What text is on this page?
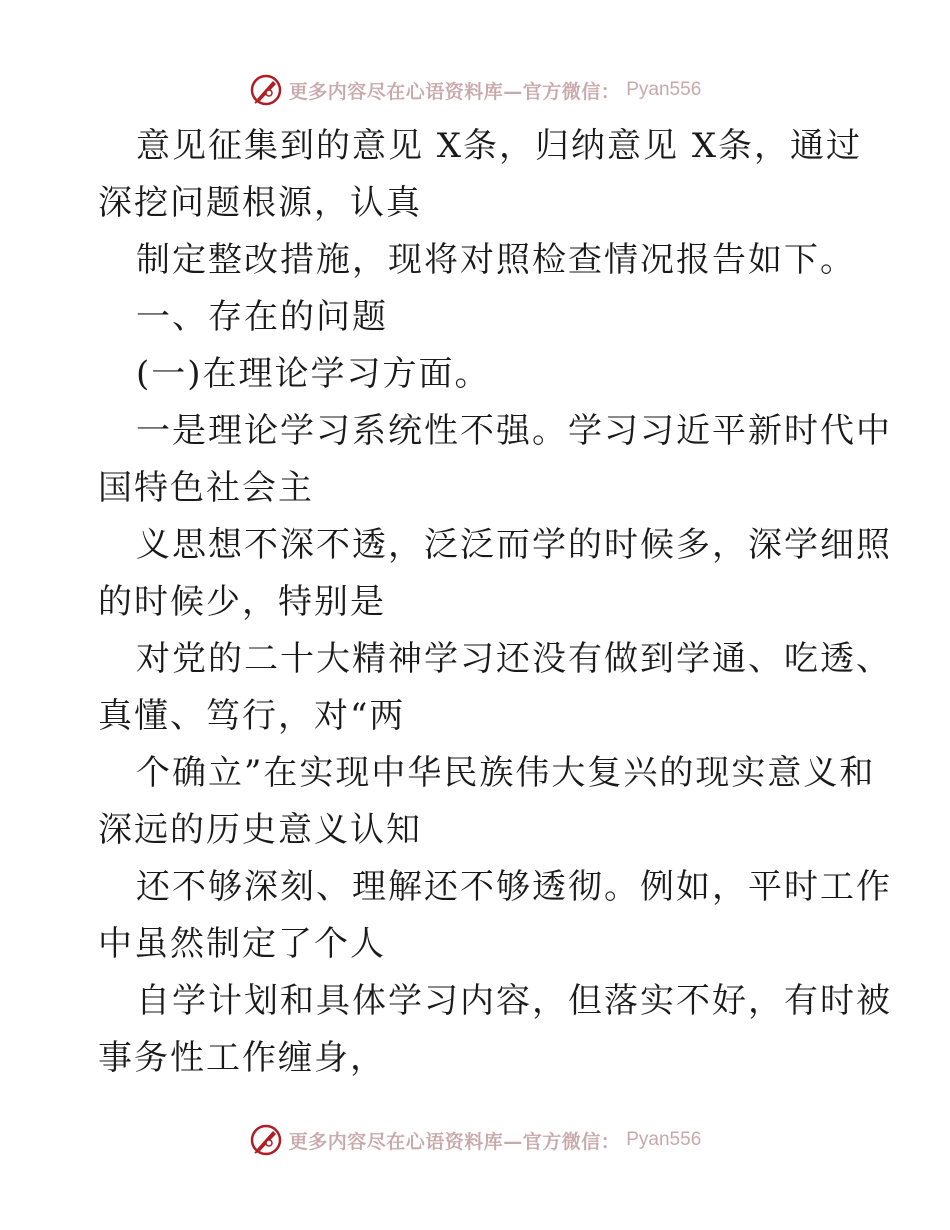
更多内容尽在心语资料库—官方微信： Pyan556
意见征集到的意见 X条，归纳意见 X条，通过
深挖问题根源，认真
制定整改措施，现将对照检查情况报告如下。
一、存在的问题
(一)在理论学习方面。
一是理论学习系统性不强。学习习近平新时代中
国特色社会主
义思想不深不透，泛泛而学的时候多，深学细照
的时候少，特别是
对党的二十大精神学习还没有做到学通、吃透、
真懂、笃行，对“两
个确立”在实现中华民族伟大复兴的现实意义和
深远的历史意义认知
还不够深刻、理解还不够透彻。例如，平时工作
中虽然制定了个人
自学计划和具体学习内容，但落实不好，有时被
事务性工作缠身，
更多内容尽在心语资料库—官方微信： Pyan556
